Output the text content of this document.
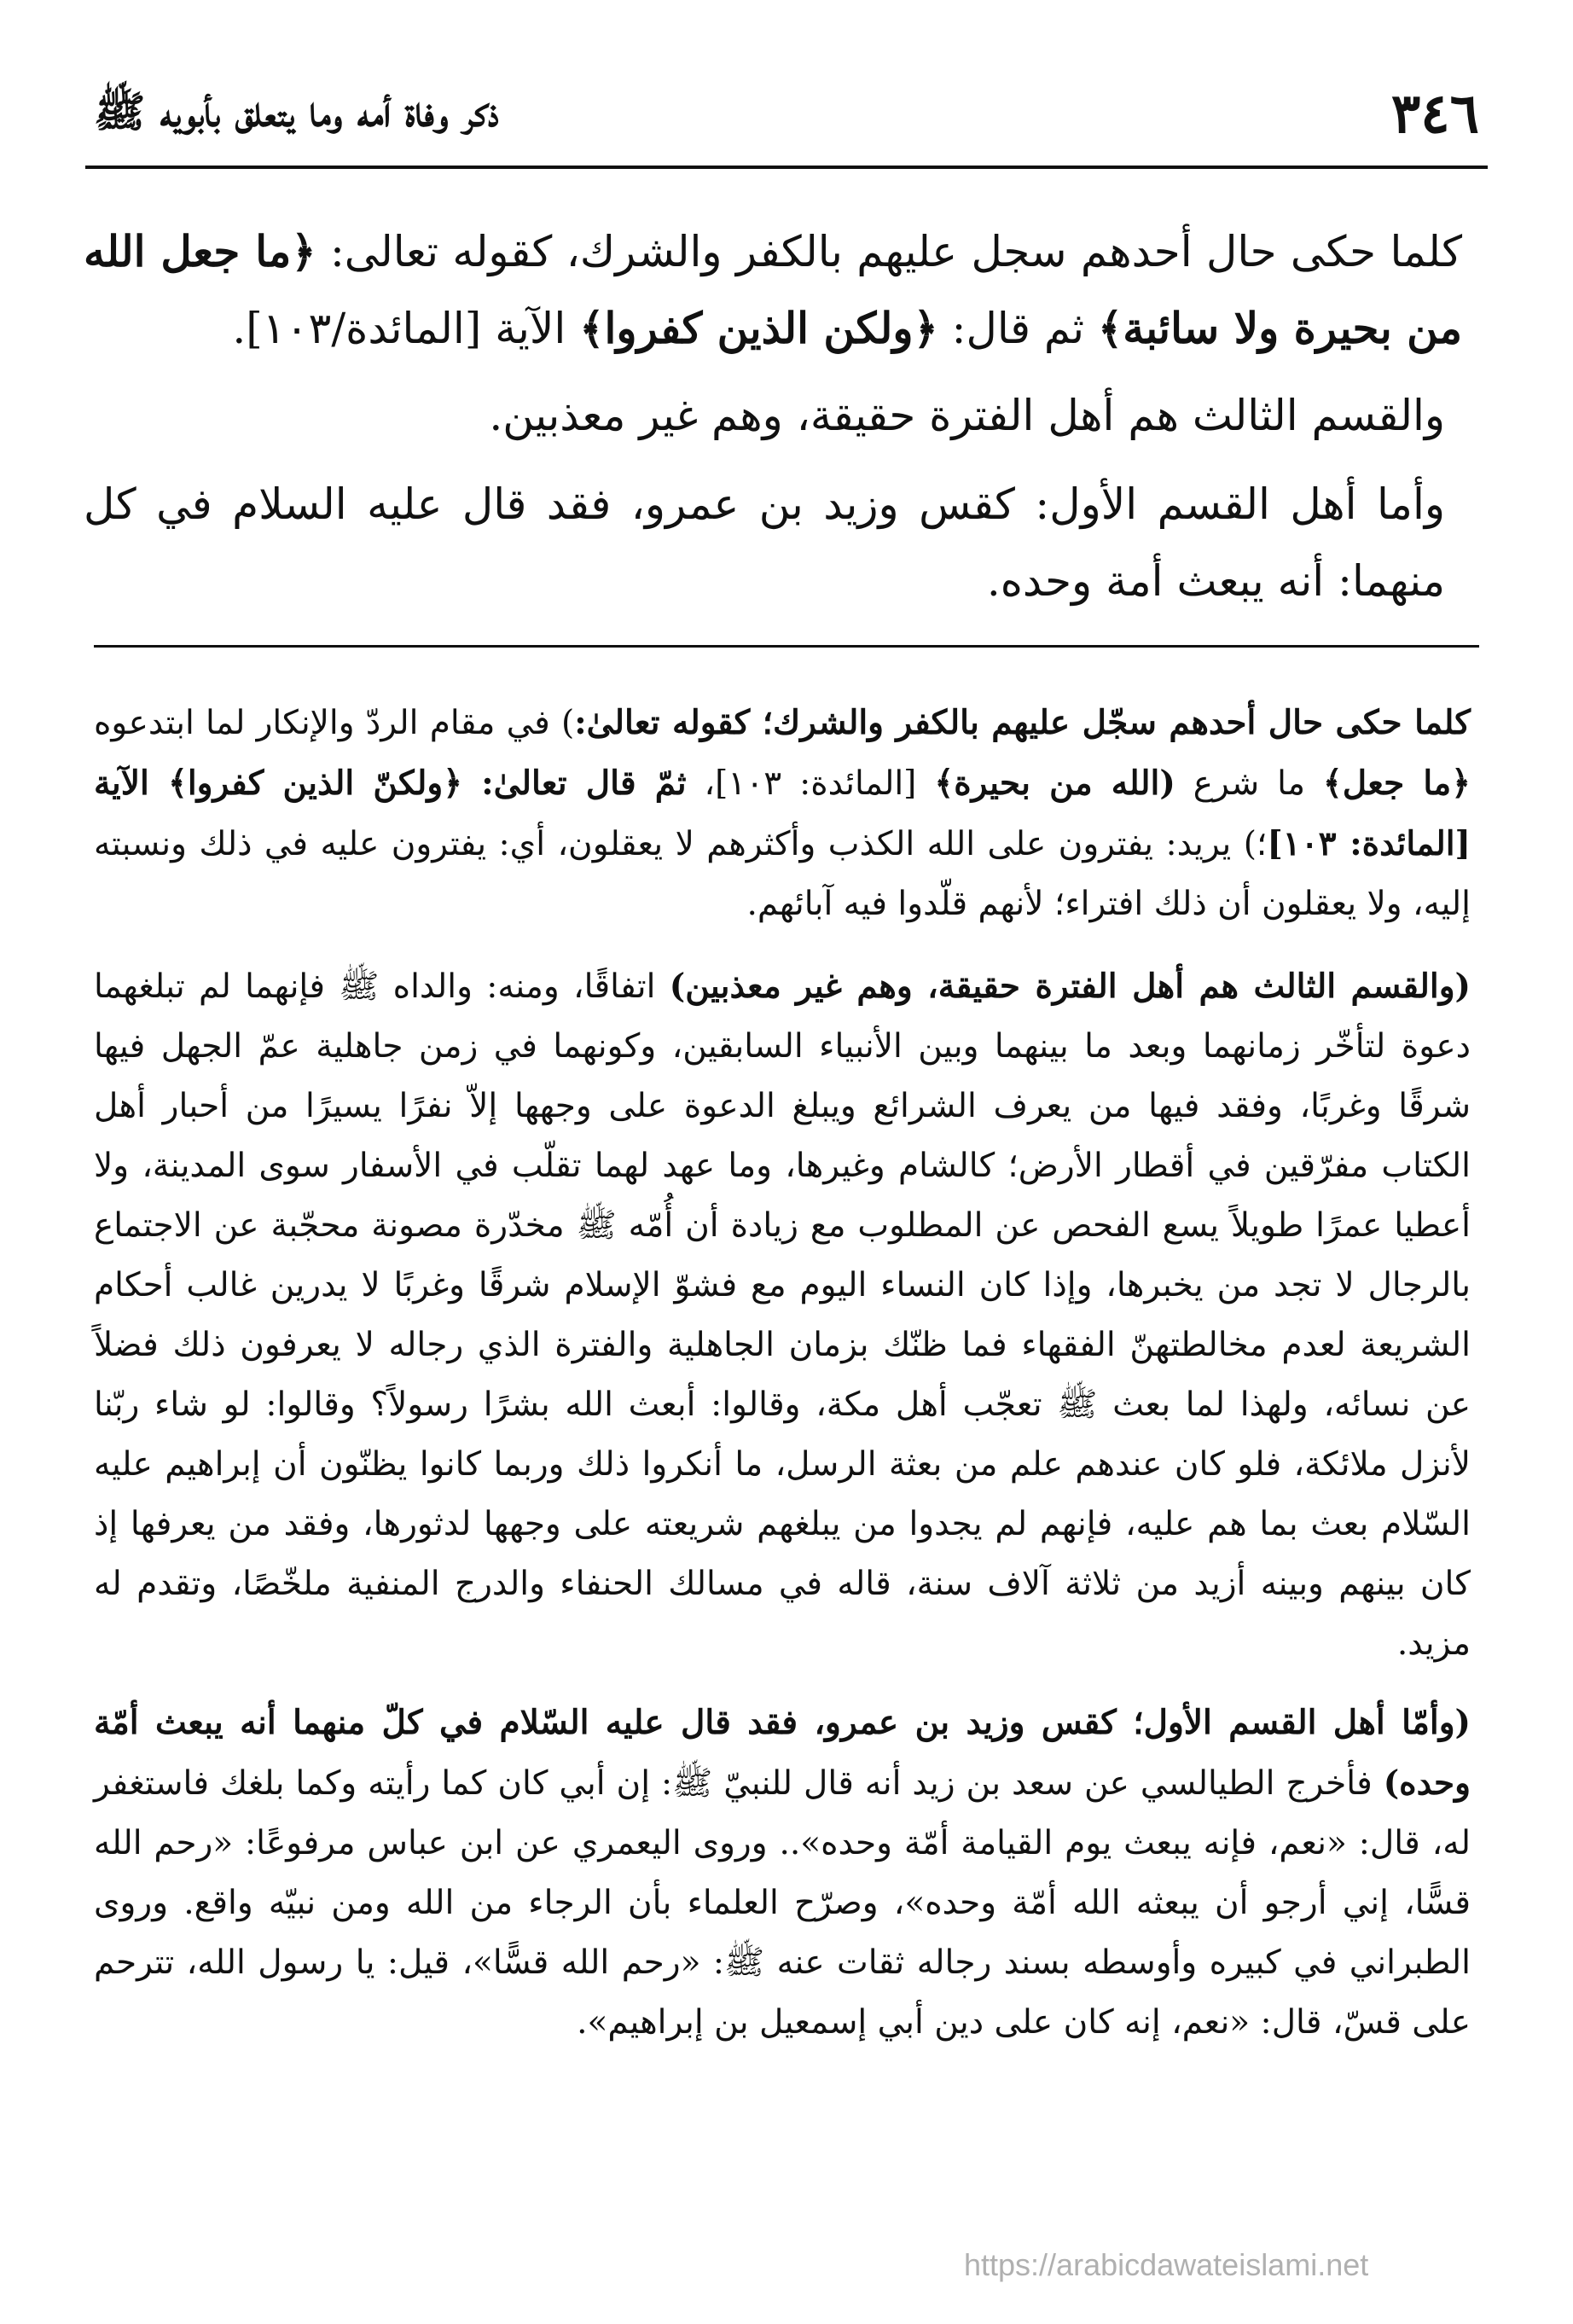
٣٤٦
ذكر وفاة أمه وما يتعلق بأبويه ﷺ

كلما حكى حال أحدهم سجل عليهم بالكفر والشرك، كقوله تعالى: ﴿ما جعل الله من بحيرة ولا سائبة﴾ ثم قال: ﴿ولكن الذين كفروا﴾ الآية [المائدة/١٠٣].

والقسم الثالث هم أهل الفترة حقيقة، وهم غير معذبين.

وأما أهل القسم الأول: كقس وزيد بن عمرو، فقد قال عليه السلام في كل منهما: أنه يبعث أمة وحده.

كلما حكى حال أحدهم سجّل عليهم بالكفر والشرك؛ كقوله تعالىٰ:) في مقام الردّ والإنكار لما ابتدعوه ﴿ما جعل﴾ ما شرع (الله من بحيرة﴾ [المائدة: ١٠٣]، ثمّ قال تعالىٰ: ﴿ولكنّ الذين كفروا﴾ الآية [المائدة: ١٠٣]؛) يريد: يفترون على الله الكذب وأكثرهم لا يعقلون، أي: يفترون عليه في ذلك ونسبته إليه، ولا يعقلون أن ذلك افتراء؛ لأنهم قلّدوا فيه آبائهم.

(والقسم الثالث هم أهل الفترة حقيقة، وهم غير معذبين) اتفاقًا، ومنه: والداه ﷺ فإنهما لم تبلغهما دعوة لتأخّر زمانهما وبعد ما بينهما وبين الأنبياء السابقين، وكونهما في زمن جاهلية عمّ الجهل فيها شرقًا وغربًا، وفقد فيها من يعرف الشرائع ويبلغ الدعوة على وجهها إلاّ نفرًا يسيرًا من أحبار أهل الكتاب مفرّقين في أقطار الأرض؛ كالشام وغيرها، وما عهد لهما تقلّب في الأسفار سوى المدينة، ولا أعطيا عمرًا طويلاً يسع الفحص عن المطلوب مع زيادة أن أُمّه ﷺ مخدّرة مصونة محجّبة عن الاجتماع بالرجال لا تجد من يخبرها، وإذا كان النساء اليوم مع فشوّ الإسلام شرقًا وغربًا لا يدرين غالب أحكام الشريعة لعدم مخالطتهنّ الفقهاء فما ظنّك بزمان الجاهلية والفترة الذي رجاله لا يعرفون ذلك فضلاً عن نسائه، ولهذا لما بعث ﷺ تعجّب أهل مكة، وقالوا: أبعث الله بشرًا رسولاً؟ وقالوا: لو شاء ربّنا لأنزل ملائكة، فلو كان عندهم علم من بعثة الرسل، ما أنكروا ذلك وربما كانوا يظنّون أن إبراهيم عليه السّلام بعث بما هم عليه، فإنهم لم يجدوا من يبلغهم شريعته على وجهها لدثورها، وفقد من يعرفها إذ كان بينهم وبينه أزيد من ثلاثة آلاف سنة، قاله في مسالك الحنفاء والدرج المنفية ملخّصًا، وتقدم له مزيد.

(وأمّا أهل القسم الأول؛ كقس وزيد بن عمرو، فقد قال عليه السّلام في كلّ منهما أنه يبعث أمّة وحده) فأخرج الطيالسي عن سعد بن زيد أنه قال للنبيّ ﷺ: إن أبي كان كما رأيته وكما بلغك فاستغفر له، قال: «نعم، فإنه يبعث يوم القيامة أمّة وحده».. وروى اليعمري عن ابن عباس مرفوعًا: «رحم الله قسًّا، إني أرجو أن يبعثه الله أمّة وحده»، وصرّح العلماء بأن الرجاء من الله ومن نبيّه واقع. وروى الطبراني في كبيره وأوسطه بسند رجاله ثقات عنه ﷺ: «رحم الله قسًّا»، قيل: يا رسول الله، تترحم على قسّ، قال: «نعم، إنه كان على دين أبي إسمعيل بن إبراهيم».

https://arabicdawateislami.net
